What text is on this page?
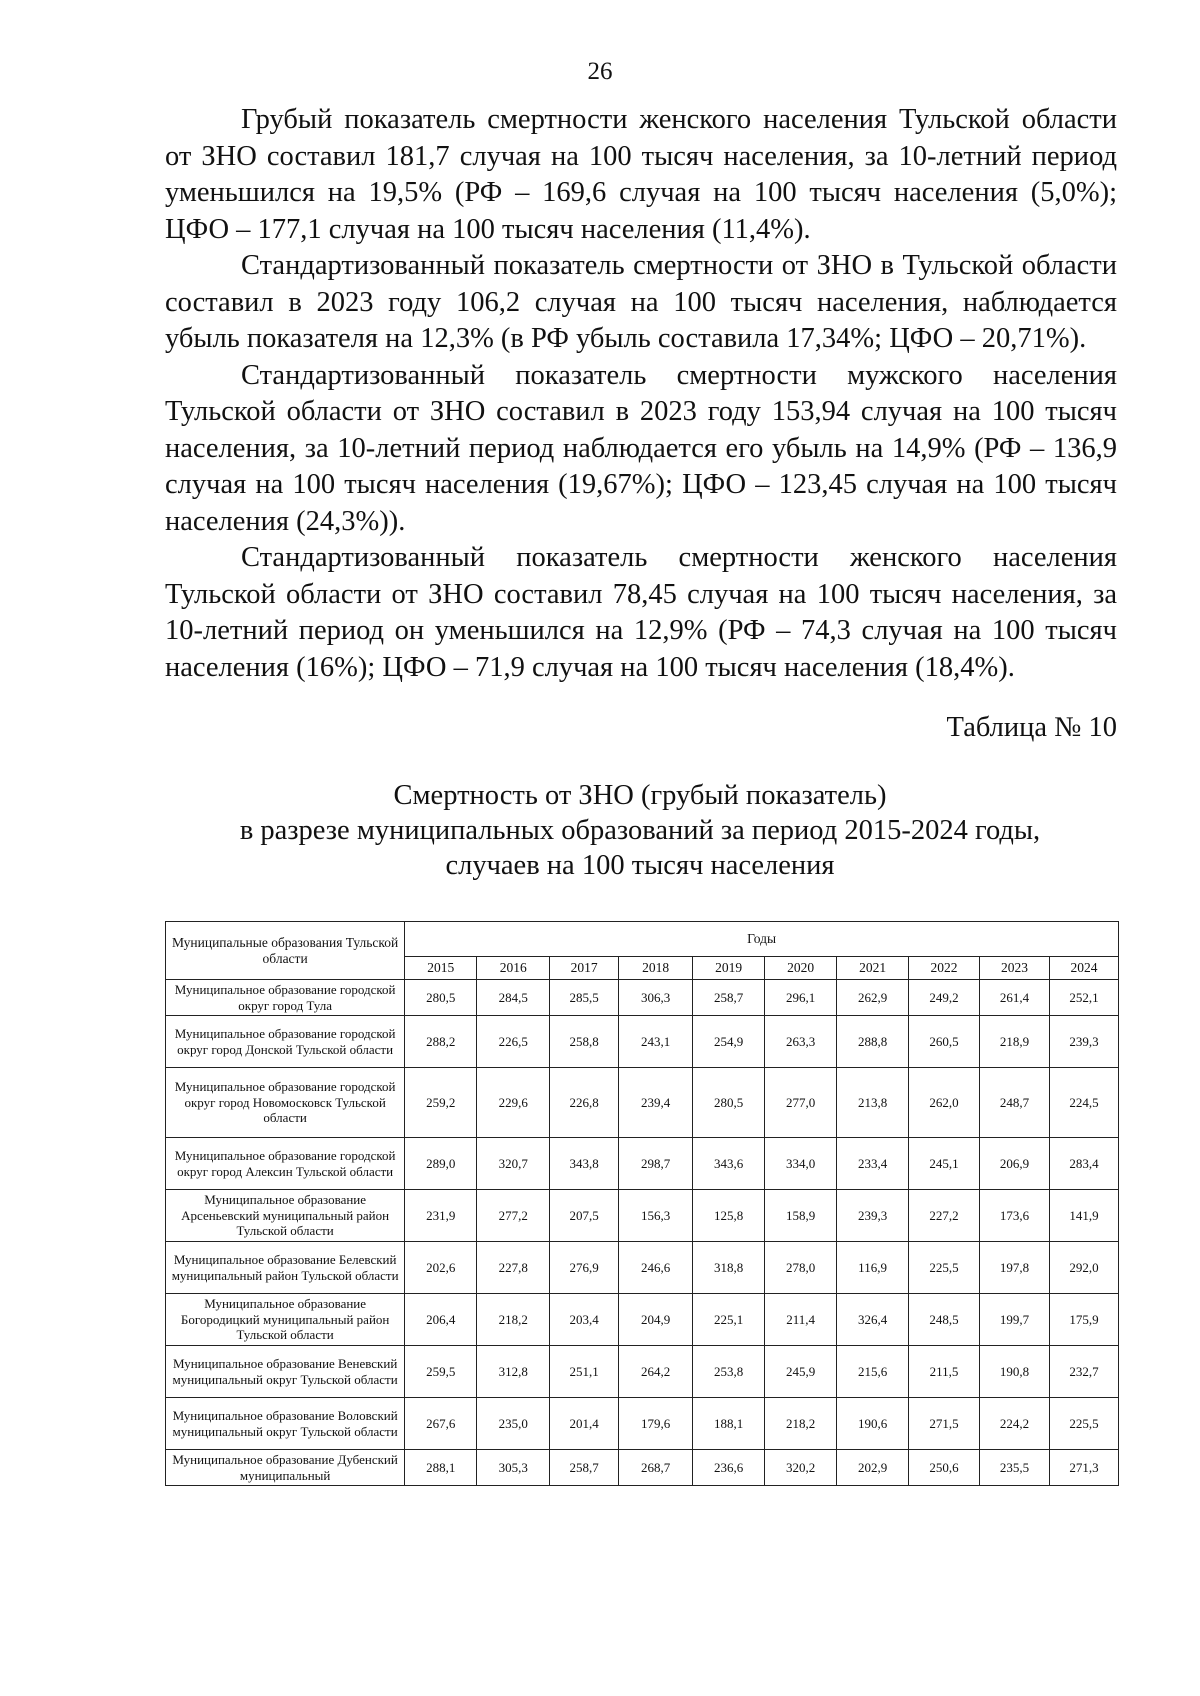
26

Грубый показатель смертности женского населения Тульской области от ЗНО составил 181,7 случая на 100 тысяч населения, за 10-летний период уменьшился на 19,5% (РФ – 169,6 случая на 100 тысяч населения (5,0%); ЦФО – 177,1 случая на 100 тысяч населения (11,4%).

Стандартизованный показатель смертности от ЗНО в Тульской области составил в 2023 году 106,2 случая на 100 тысяч населения, наблюдается убыль показателя на 12,3% (в РФ убыль составила 17,34%; ЦФО – 20,71%).

Стандартизованный показатель смертности мужского населения Тульской области от ЗНО составил в 2023 году 153,94 случая на 100 тысяч населения, за 10-летний период наблюдается его убыль на 14,9% (РФ – 136,9 случая на 100 тысяч населения (19,67%); ЦФО – 123,45 случая на 100 тысяч населения (24,3%)).

Стандартизованный показатель смертности женского населения Тульской области от ЗНО составил 78,45 случая на 100 тысяч населения, за 10-летний период он уменьшился на 12,9% (РФ – 74,3 случая на 100 тысяч населения (16%); ЦФО – 71,9 случая на 100 тысяч населения (18,4%).

Таблица № 10
Смертность от ЗНО (грубый показатель)
в разрезе муниципальных образований за период 2015-2024 годы,
случаев на 100 тысяч населения
Муниципальные образования Тульской области	Годы									
	2015	2016	2017	2018	2019	2020	2021	2022	2023	2024
Муниципальное образование городской округ город Тула	280,5	284,5	285,5	306,3	258,7	296,1	262,9	249,2	261,4	252,1
Муниципальное образование городской округ город Донской Тульской области	288,2	226,5	258,8	243,1	254,9	263,3	288,8	260,5	218,9	239,3
Муниципальное образование городской округ город Новомосковск Тульской области	259,2	229,6	226,8	239,4	280,5	277,0	213,8	262,0	248,7	224,5
Муниципальное образование городской округ город Алексин Тульской области	289,0	320,7	343,8	298,7	343,6	334,0	233,4	245,1	206,9	283,4
Муниципальное образование Арсеньевский муниципальный район Тульской области	231,9	277,2	207,5	156,3	125,8	158,9	239,3	227,2	173,6	141,9
Муниципальное образование Белевский муниципальный район Тульской области	202,6	227,8	276,9	246,6	318,8	278,0	116,9	225,5	197,8	292,0
Муниципальное образование Богородицкий муниципальный район Тульской области	206,4	218,2	203,4	204,9	225,1	211,4	326,4	248,5	199,7	175,9
Муниципальное образование Веневский муниципальный округ Тульской области	259,5	312,8	251,1	264,2	253,8	245,9	215,6	211,5	190,8	232,7
Муниципальное образование Воловский муниципальный округ Тульской области	267,6	235,0	201,4	179,6	188,1	218,2	190,6	271,5	224,2	225,5
Муниципальное образование Дубенский муниципальный	288,1	305,3	258,7	268,7	236,6	320,2	202,9	250,6	235,5	271,3
